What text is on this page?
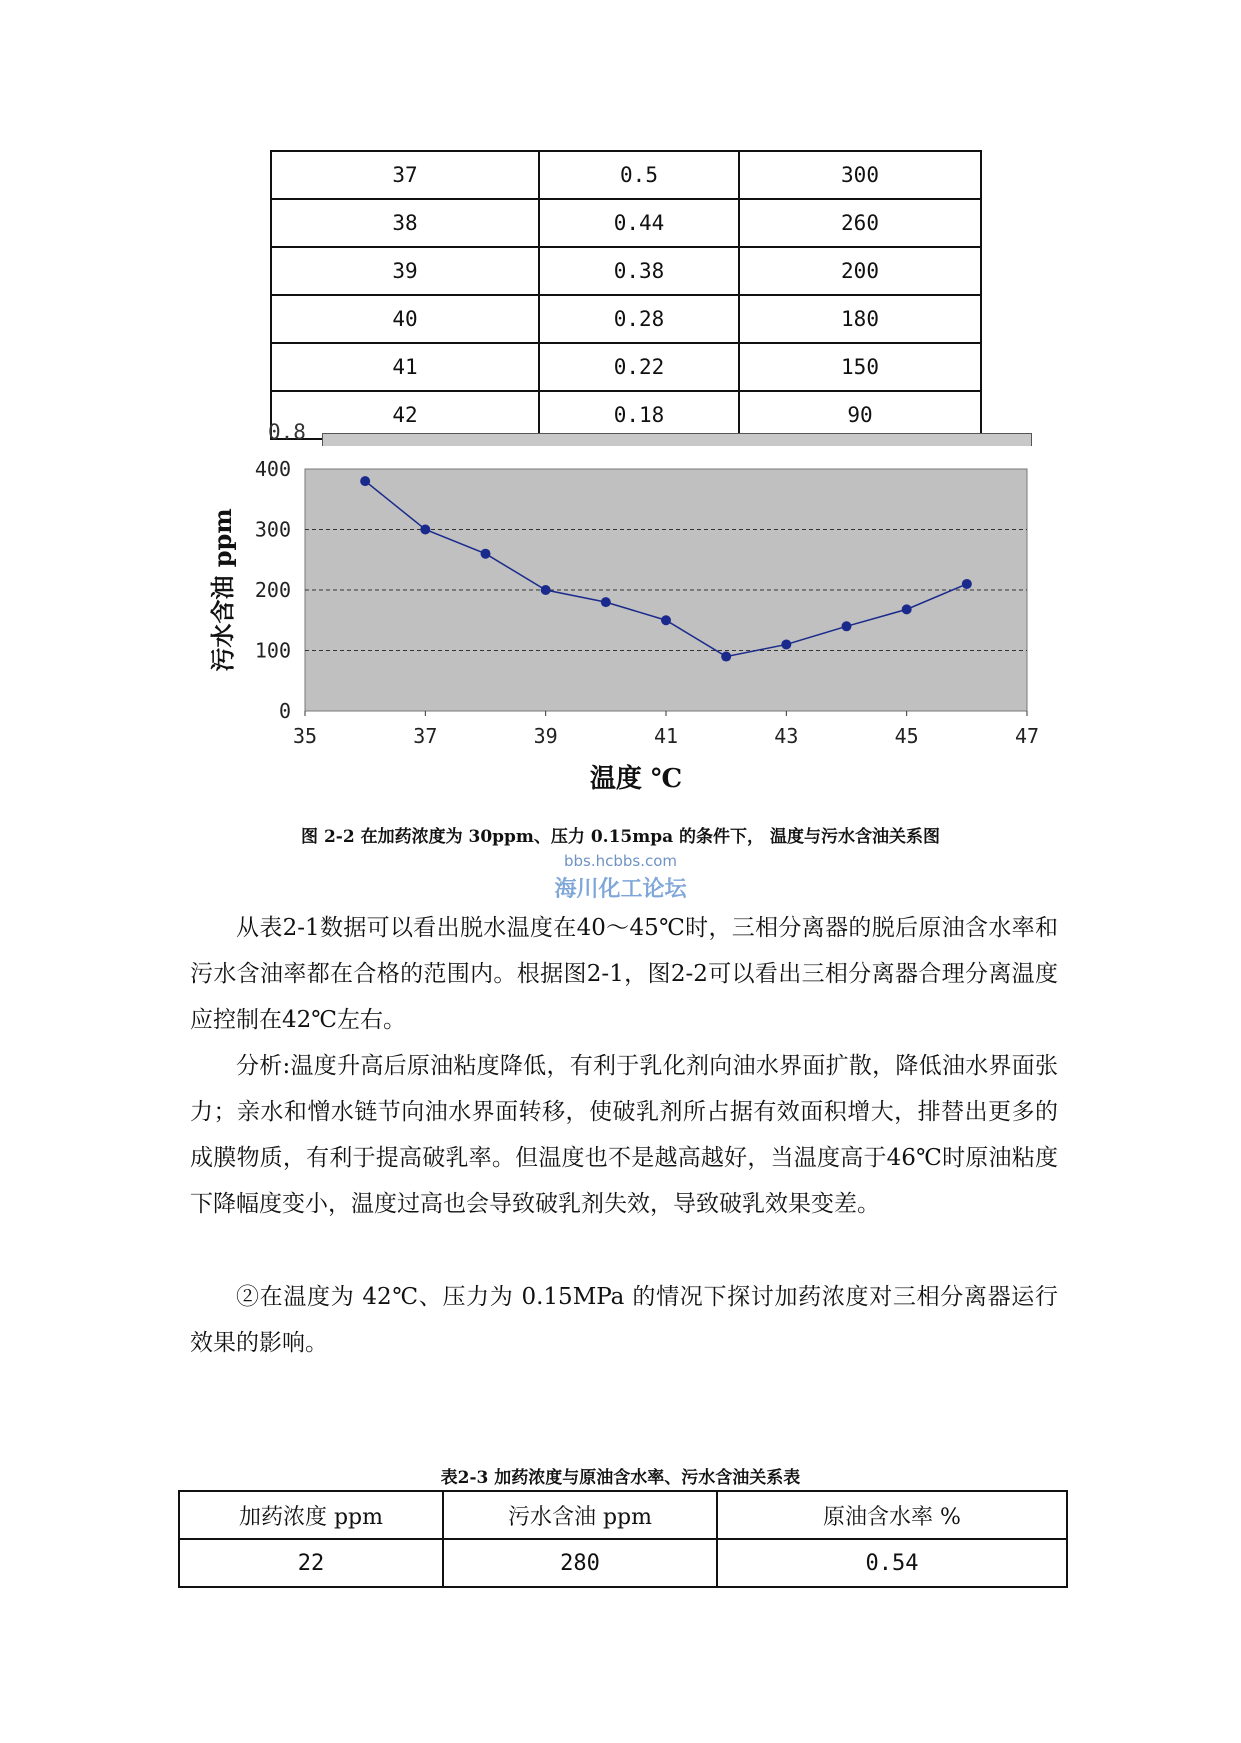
37	0.5	300
38	0.44	260
39	0.38	200
40	0.28	180
41	0.22	150
42	0.18	90
0.8
0
100
200
300
400
35	37	39	41	43	45	47
污水含油 ppm
温度 ℃
图 2-2 在加药浓度为 30ppm、压力 0.15mpa 的条件下， 温度与污水含油关系图
bbs.hcbbs.com
海川化工论坛

从表2-1数据可以看出脱水温度在40～45℃时，三相分离器的脱后原油含水率和污水含油率都在合格的范围内。根据图2-1，图2-2可以看出三相分离器合理分离温度应控制在42℃左右。

分析:温度升高后原油粘度降低，有利于乳化剂向油水界面扩散，降低油水界面张力；亲水和憎水链节向油水界面转移，使破乳剂所占据有效面积增大，排替出更多的成膜物质，有利于提高破乳率。但温度也不是越高越好，当温度高于46℃时原油粘度下降幅度变小，温度过高也会导致破乳剂失效，导致破乳效果变差。

②在温度为 42℃、压力为 0.15MPa 的情况下探讨加药浓度对三相分离器运行效果的影响。

表2-3 加药浓度与原油含水率、污水含油关系表
加药浓度 ppm	污水含油 ppm	原油含水率 %
22	280	0.54
